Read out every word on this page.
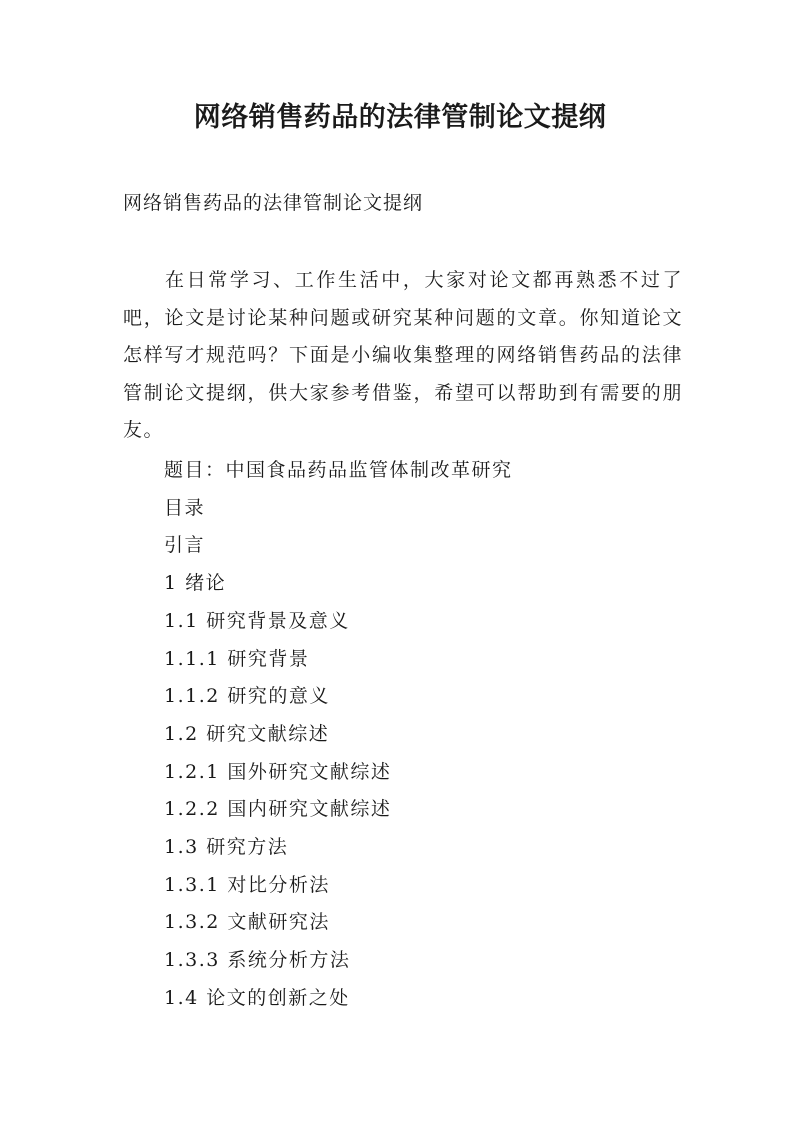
网络销售药品的法律管制论文提纲
网络销售药品的法律管制论文提纲

在日常学习、工作生活中，大家对论文都再熟悉不过了吧，论文是讨论某种问题或研究某种问题的文章。你知道论文怎样写才规范吗？下面是小编收集整理的网络销售药品的法律管制论文提纲，供大家参考借鉴，希望可以帮助到有需要的朋友。

题目：中国食品药品监管体制改革研究
目录
引言
1 绪论
1.1 研究背景及意义
1.1.1 研究背景
1.1.2 研究的意义
1.2 研究文献综述
1.2.1 国外研究文献综述
1.2.2 国内研究文献综述
1.3 研究方法
1.3.1 对比分析法
1.3.2 文献研究法
1.3.3 系统分析方法
1.4 论文的创新之处
